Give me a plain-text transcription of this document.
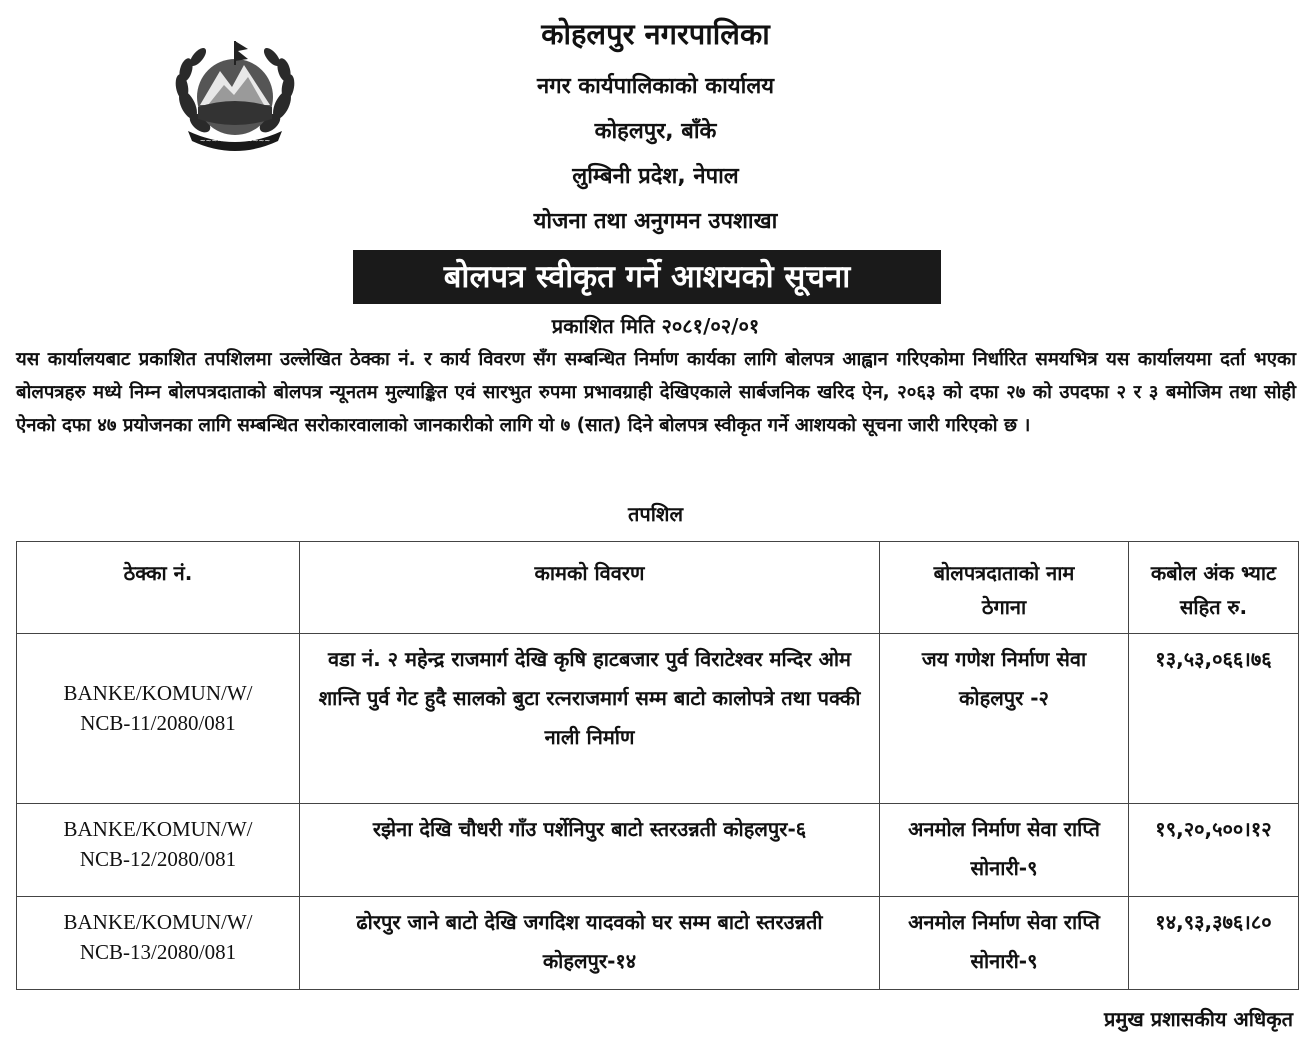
~~~~~~~~~~~~
कोहलपुर नगरपालिका
नगर कार्यपालिकाको कार्यालय
कोहलपुर, बाँके
लुम्बिनी प्रदेश, नेपाल
योजना तथा अनुगमन उपशाखा
बोलपत्र स्वीकृत गर्ने आशयको सूचना
प्रकाशित मिति २०८१/०२/०१

यस कार्यालयबाट प्रकाशित तपशिलमा उल्लेखित ठेक्का नं. र कार्य विवरण सँग सम्बन्धित निर्माण कार्यका लागि बोलपत्र आह्वान गरिएकोमा निर्धारित समयभित्र यस कार्यालयमा दर्ता भएका बोलपत्रहरु मध्ये निम्न बोलपत्रदाताको बोलपत्र न्यूनतम मुल्याङ्कित एवं सारभुत रुपमा प्रभावग्राही देखिएकाले सार्बजनिक खरिद ऐन, २०६३ को दफा २७ को उपदफा २ र ३ बमोजिम तथा सोही ऐनको दफा ४७ प्रयोजनका लागि सम्बन्धित सरोकारवालाको जानकारीको लागि यो ७ (सात) दिने बोलपत्र स्वीकृत गर्ने आशयको सूचना जारी गरिएको छ ।

तपशिल
ठेक्का नं.	कामको विवरण	बोलपत्रदाताको नाम ठेगाना	कबोल अंक भ्याट सहित रु.
BANKE/KOMUN/W/ NCB-11/2080/081	वडा नं. २ महेन्द्र राजमार्ग देखि कृषि हाटबजार पुर्व विराटेश्वर मन्दिर ओम शान्ति पुर्व गेट हुदै सालको बुटा रत्नराजमार्ग सम्म बाटो कालोपत्रे तथा पक्की नाली निर्माण	जय गणेश निर्माण सेवा कोहलपुर -२	१३,५३,०६६।७६
BANKE/KOMUN/W/ NCB-12/2080/081	रझेना देखि चौधरी गाँउ पर्शेनिपुर बाटो स्तरउन्नती कोहलपुर-६	अनमोल निर्माण सेवा राप्ति सोनारी-९	१९,२०,५००।१२
BANKE/KOMUN/W/ NCB-13/2080/081	ढोरपुर जाने बाटो देखि जगदिश यादवको घर सम्म बाटो स्तरउन्नती कोहलपुर-१४	अनमोल निर्माण सेवा राप्ति सोनारी-९	१४,९३,३७६।८०
प्रमुख प्रशासकीय अधिकृत
